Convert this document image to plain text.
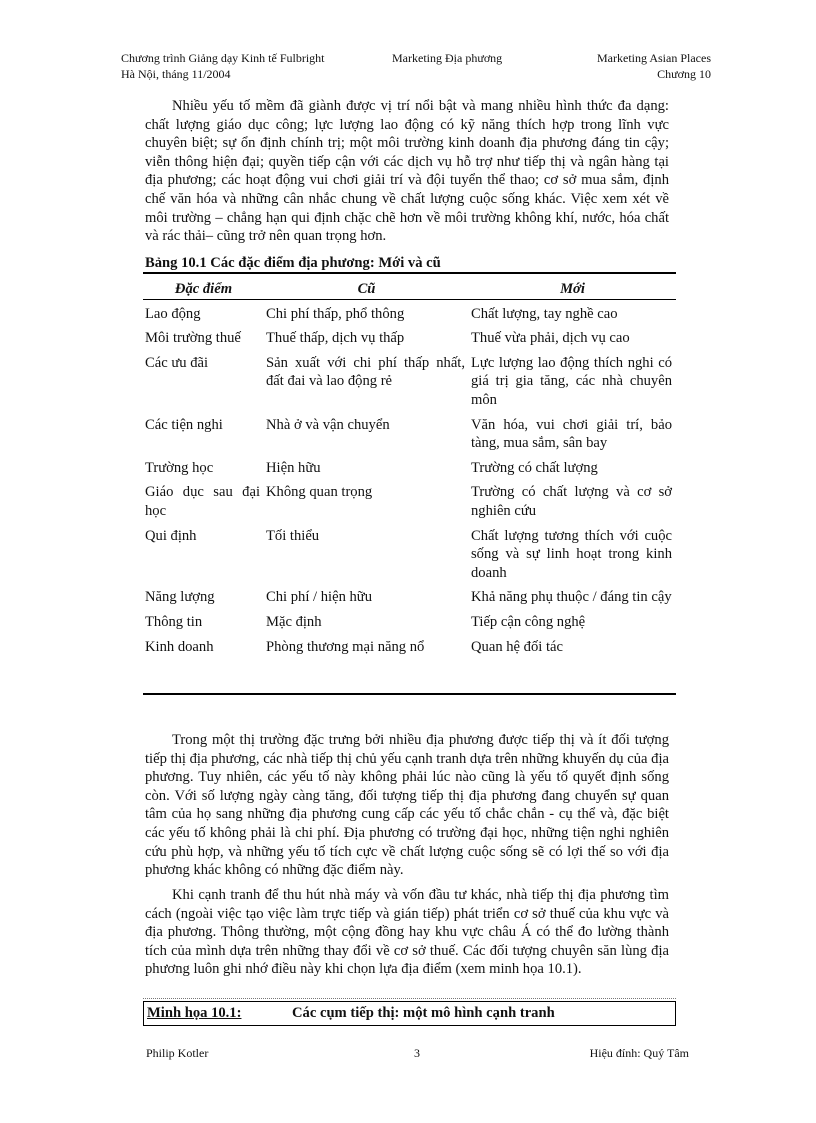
Chương trình Giảng dạy Kinh tế Fulbright
Hà Nội, tháng 11/2004
Marketing Địa phương	Marketing Asian Places
Chương 10

Nhiều yếu tố mềm đã giành được vị trí nổi bật và mang nhiều hình thức đa dạng: chất lượng giáo dục công; lực lượng lao động có kỹ năng thích hợp trong lĩnh vực chuyên biệt; sự ổn định chính trị; một môi trường kinh doanh địa phương đáng tin cậy; viễn thông hiện đại; quyền tiếp cận với các dịch vụ hỗ trợ như tiếp thị và ngân hàng tại địa phương; các hoạt động vui chơi giải trí và đội tuyển thể thao; cơ sở mua sắm, định chế văn hóa và những cân nhắc chung về chất lượng cuộc sống khác. Việc xem xét về môi trường – chẳng hạn qui định chặc chẽ hơn về môi trường không khí, nước, hóa chất và rác thải– cũng trở nên quan trọng hơn.

Bảng 10.1 Các đặc điểm địa phương: Mới và cũ
Đặc điểm	Cũ	Mới

Lao động	Chi phí thấp, phổ thông	Chất lượng, tay nghề cao
Môi trường thuế	Thuế thấp, dịch vụ thấp	Thuế vừa phải, dịch vụ cao
Các ưu đãi	Sản xuất với chi phí thấp nhất, đất đai và lao động rẻ	Lực lượng lao động thích nghi có giá trị gia tăng, các nhà chuyên môn
Các tiện nghi	Nhà ở và vận chuyển	Văn hóa, vui chơi giải trí, bảo tàng, mua sắm, sân bay
Trường học	Hiện hữu	Trường có chất lượng
Giáo dục sau đại học	Không quan trọng	Trường có chất lượng và cơ sở nghiên cứu
Qui định	Tối thiểu	Chất lượng tương thích với cuộc sống và sự linh hoạt trong kinh doanh
Năng lượng	Chi phí / hiện hữu	Khả năng phụ thuộc / đáng tin cậy
Thông tin	Mặc định	Tiếp cận công nghệ
Kinh doanh	Phòng thương mại năng nổ	Quan hệ đối tác

Trong một thị trường đặc trưng bởi nhiều địa phương được tiếp thị và ít đối tượng tiếp thị địa phương, các nhà tiếp thị chủ yếu cạnh tranh dựa trên những khuyến dụ của địa phương. Tuy nhiên, các yếu tố này không phải lúc nào cũng là yếu tố quyết định sống còn. Với số lượng ngày càng tăng, đối tượng tiếp thị địa phương đang chuyển sự quan tâm của họ sang những địa phương cung cấp các yếu tố chắc chắn - cụ thể và, đặc biệt các yếu tố không phải là chi phí. Địa phương có trường đại học, những tiện nghi nghiên cứu phù hợp, và những yếu tố tích cực về chất lượng cuộc sống sẽ có lợi thế so với địa phương khác không có những đặc điểm này.

Khi cạnh tranh để thu hút nhà máy và vốn đầu tư khác, nhà tiếp thị địa phương tìm cách (ngoài việc tạo việc làm trực tiếp và gián tiếp) phát triển cơ sở thuế của khu vực và địa phương. Thông thường, một cộng đồng hay khu vực châu Á có thể đo lường thành tích của mình dựa trên những thay đổi về cơ sở thuế. Các đối tượng chuyên săn lùng địa phương luôn ghi nhớ điều này khi chọn lựa địa điểm (xem minh họa 10.1).

Minh họa 10.1:	Các cụm tiếp thị: một mô hình cạnh tranh
Philip Kotler	3	Hiệu đính: Quý Tâm
